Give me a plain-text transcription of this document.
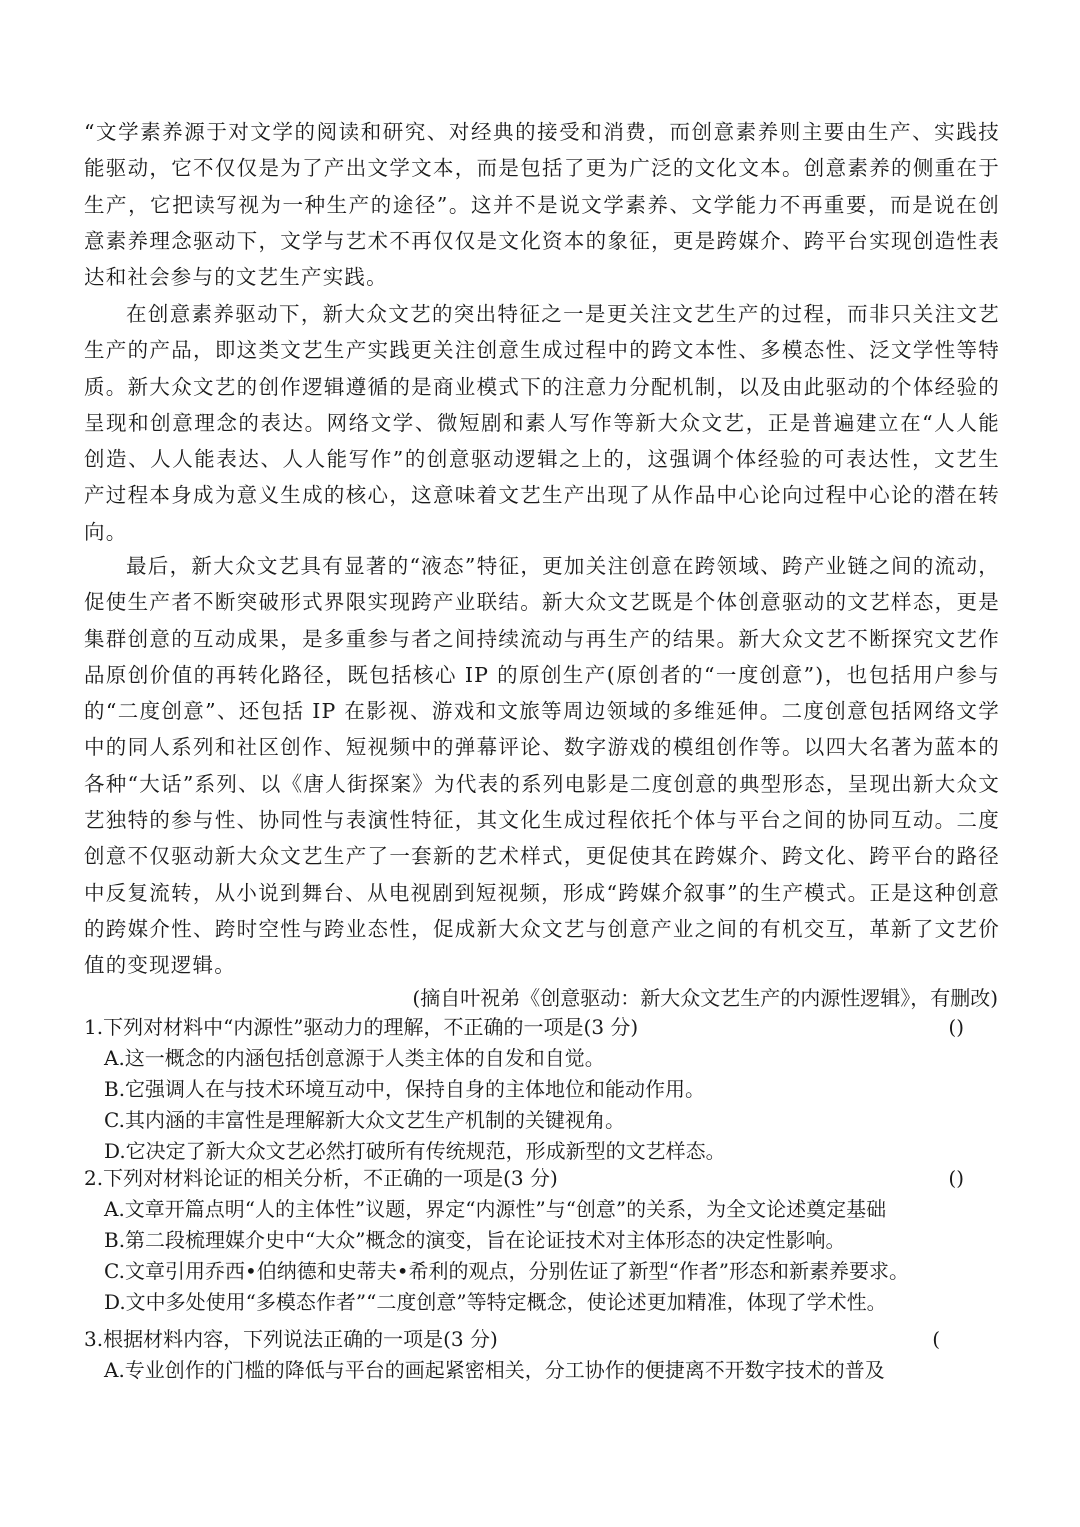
“文学素养源于对文学的阅读和研究、对经典的接受和消费，而创意素养则主要由生产、实践技能驱动，它不仅仅是为了产出文学文本，而是包括了更为广泛的文化文本。创意素养的侧重在于生产，它把读写视为一种生产的途径”。这并不是说文学素养、文学能力不再重要，而是说在创意素养理念驱动下，文学与艺术不再仅仅是文化资本的象征，更是跨媒介、跨平台实现创造性表达和社会参与的文艺生产实践。

在创意素养驱动下，新大众文艺的突出特征之一是更关注文艺生产的过程，而非只关注文艺生产的产品，即这类文艺生产实践更关注创意生成过程中的跨文本性、多模态性、泛文学性等特质。新大众文艺的创作逻辑遵循的是商业模式下的注意力分配机制，以及由此驱动的个体经验的呈现和创意理念的表达。网络文学、微短剧和素人写作等新大众文艺，正是普遍建立在“人人能创造、人人能表达、人人能写作”的创意驱动逻辑之上的，这强调个体经验的可表达性，文艺生产过程本身成为意义生成的核心，这意味着文艺生产出现了从作品中心论向过程中心论的潜在转向。

最后，新大众文艺具有显著的“液态”特征，更加关注创意在跨领域、跨产业链之间的流动，促使生产者不断突破形式界限实现跨产业联结。新大众文艺既是个体创意驱动的文艺样态，更是集群创意的互动成果，是多重参与者之间持续流动与再生产的结果。新大众文艺不断探究文艺作品原创价值的再转化路径，既包括核心 IP 的原创生产(原创者的“一度创意”)，也包括用户参与的“二度创意”、还包括 IP 在影视、游戏和文旅等周边领域的多维延伸。二度创意包括网络文学中的同人系列和社区创作、短视频中的弹幕评论、数字游戏的模组创作等。以四大名著为蓝本的各种“大话”系列、以《唐人街探案》为代表的系列电影是二度创意的典型形态，呈现出新大众文艺独特的参与性、协同性与表演性特征，其文化生成过程依托个体与平台之间的协同互动。二度创意不仅驱动新大众文艺生产了一套新的艺术样式，更促使其在跨媒介、跨文化、跨平台的路径中反复流转，从小说到舞台、从电视剧到短视频，形成“跨媒介叙事”的生产模式。正是这种创意的跨媒介性、跨时空性与跨业态性，促成新大众文艺与创意产业之间的有机交互，革新了文艺价值的变现逻辑。

(摘自叶祝弟《创意驱动：新大众文艺生产的内源性逻辑》，有删改)
1.下列对材料中“内源性”驱动力的理解，不正确的一项是(3 分)	()
A.这一概念的内涵包括创意源于人类主体的自发和自觉。
B.它强调人在与技术环境互动中，保持自身的主体地位和能动作用。
C.其内涵的丰富性是理解新大众文艺生产机制的关键视角。
D.它决定了新大众文艺必然打破所有传统规范，形成新型的文艺样态。
2.下列对材料论证的相关分析，不正确的一项是(3 分)	()
A.文章开篇点明“人的主体性”议题，界定“内源性”与“创意”的关系，为全文论述奠定基础
B.第二段梳理媒介史中“大众”概念的演变，旨在论证技术对主体形态的决定性影响。
C.文章引用乔西•伯纳德和史蒂夫•希利的观点，分别佐证了新型“作者”形态和新素养要求。
D.文中多处使用“多模态作者”“二度创意”等特定概念，使论述更加精准，体现了学术性。
3.根据材料内容，下列说法正确的一项是(3 分)	(
A.专业创作的门槛的降低与平台的画起紧密相关，分工协作的便捷离不开数字技术的普及
